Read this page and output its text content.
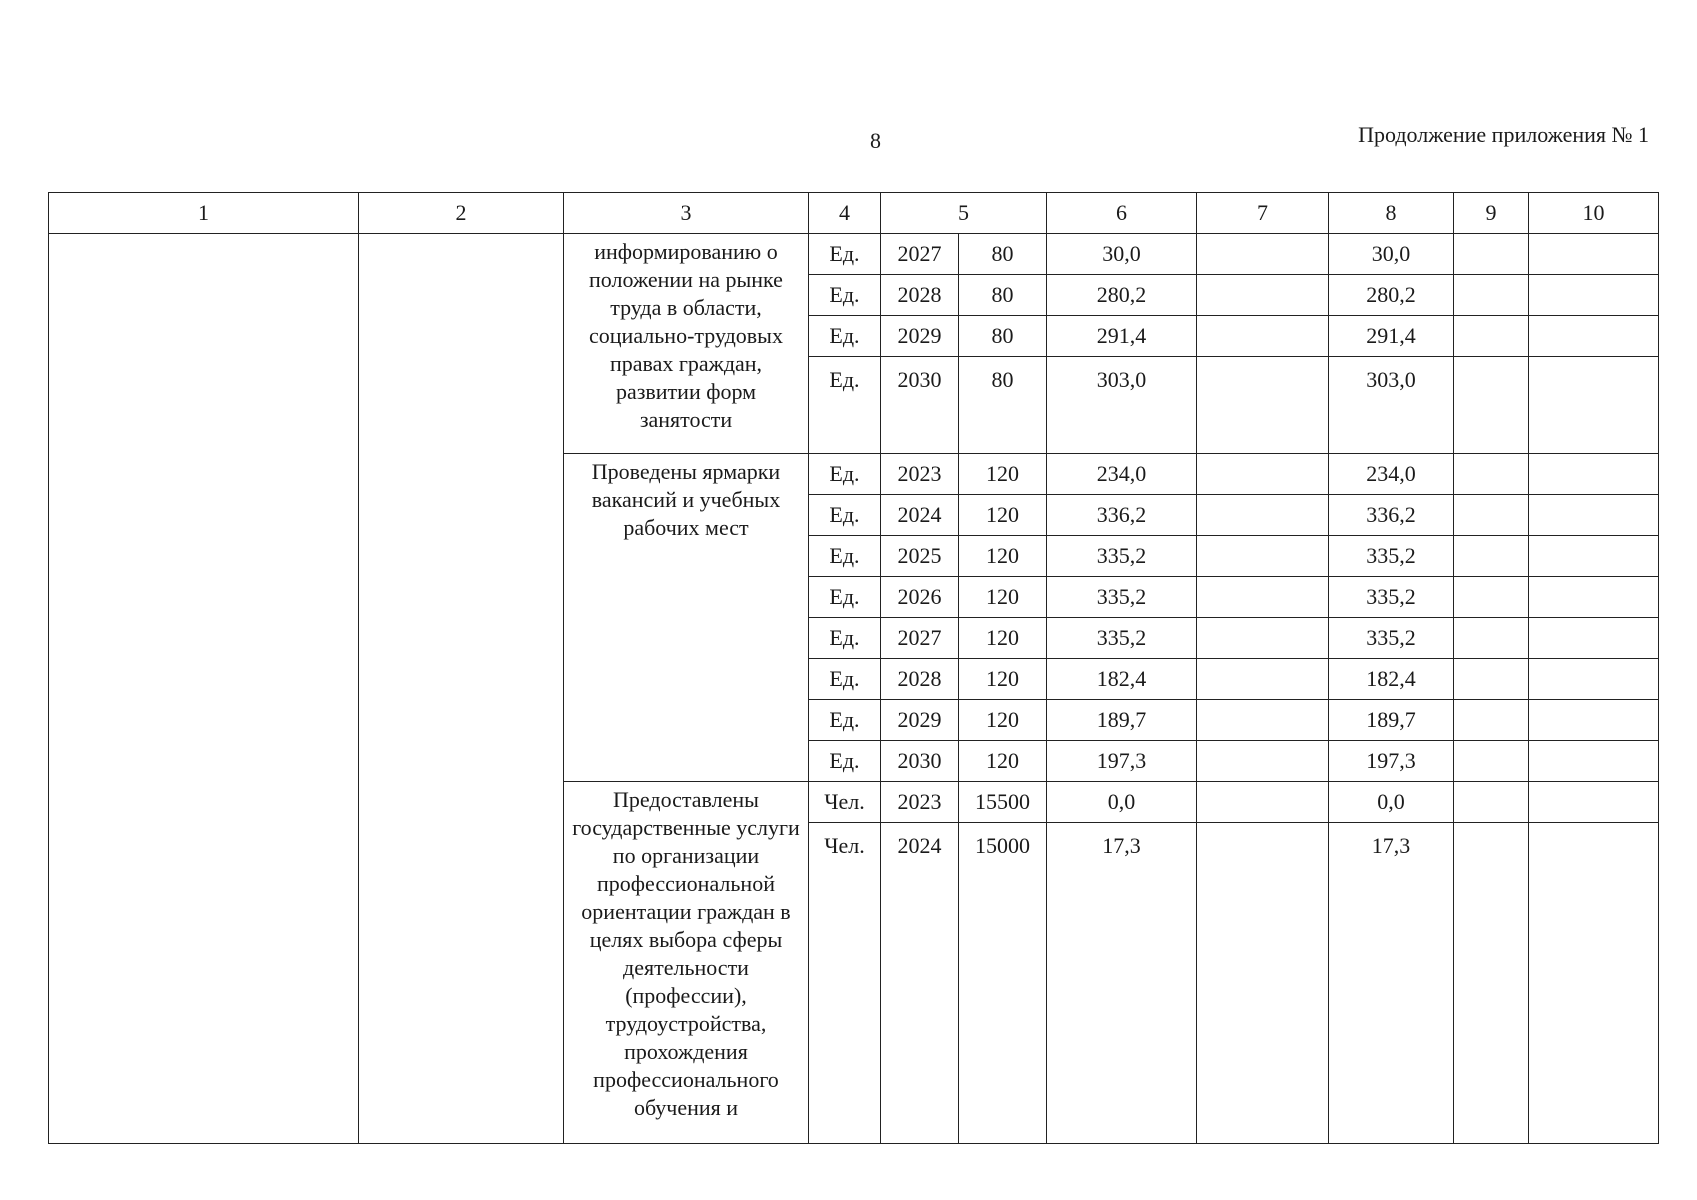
8	Продолжение приложения № 1
1	2	3	4	5		6	7	8	9	10
		информированию о положении на рынке труда в области, социально-трудовых правах граждан, развитии форм занятости	Ед.	2027	80	30,0		30,0		
			Ед.	2028	80	280,2		280,2		
			Ед.	2029	80	291,4		291,4		
			Ед.	2030	80	303,0		303,0		
		Проведены ярмарки вакансий и учебных рабочих мест	Ед.	2023	120	234,0		234,0		
			Ед.	2024	120	336,2		336,2		
			Ед.	2025	120	335,2		335,2		
			Ед.	2026	120	335,2		335,2		
			Ед.	2027	120	335,2		335,2		
			Ед.	2028	120	182,4		182,4		
			Ед.	2029	120	189,7		189,7		
			Ед.	2030	120	197,3		197,3		
		Предоставлены государственные услуги по организации профессиональной ориентации граждан в целях выбора сферы деятельности (профессии), трудоустройства, прохождения профессионального обучения и	Чел.	2023	15500	0,0		0,0		
			Чел.	2024	15000	17,3		17,3		
